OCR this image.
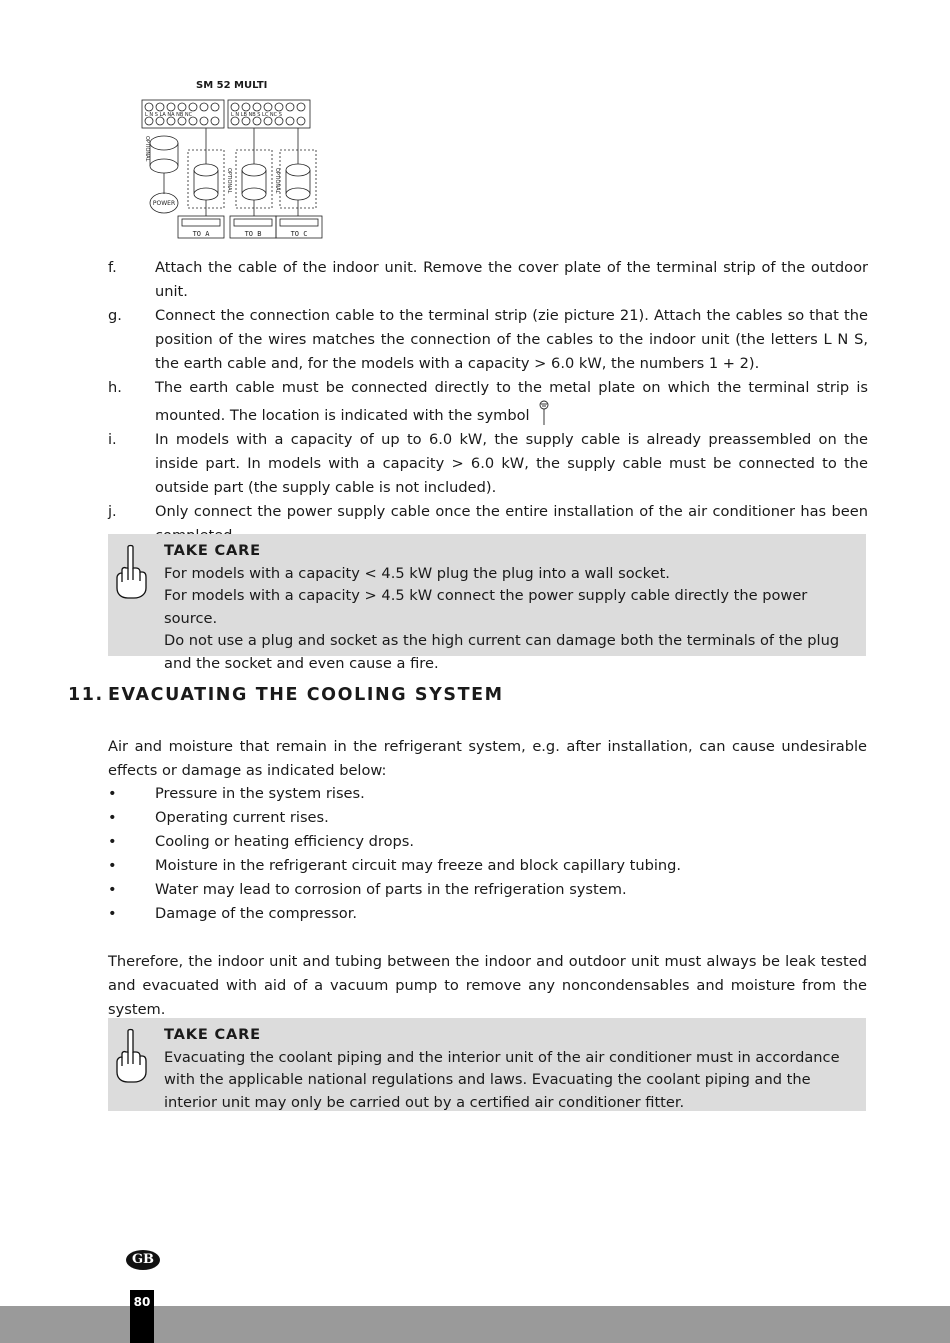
SM 52 MULTI
L N S LA NA NB NC	L N LB NB S LC NC S
POWER
OPTIONAL
OPTIONAL	OPTIONAL
TO A	TO B	TO C
f.	Attach the cable of the indoor unit. Remove the cover plate of the terminal strip of the outdoor unit.
g.	Connect the connection cable to the terminal strip (zie picture 21). Attach the cables so that the position of the wires matches the connection of the cables to the indoor unit (the letters L N S, the earth cable and, for the models with a capacity > 6.0 kW, the numbers 1 + 2).
h.	The earth cable must be connected directly to the metal plate on which the terminal strip is mounted. The location is indicated with the symbol
i.	In models with a capacity of up to 6.0 kW, the supply cable is already preassembled on the inside part. In models with a capacity > 6.0 kW, the supply cable must be connected to the outside part (the supply cable is not included).
j.	Only connect the power supply cable once the entire installation of the air conditioner has been
TAKE CARE
For models with a capacity < 4.5 kW plug the plug into a wall socket.
For models with a capacity > 4.5 kW connect the power supply cable directly the power source.
Do not use a plug and socket as the high current can damage both the terminals of the plug and the socket and even cause a fire.
11. EVACUATING THE COOLING SYSTEM
Air and moisture that remain in the refrigerant system, e.g. after installation, can cause undesirable effects or damage as indicated below:
•	Pressure in the system rises.
•	Operating current rises.
•	Cooling or heating efficiency drops.
•	Moisture in the refrigerant circuit may freeze and block capillary tubing.
•	Water may lead to corrosion of parts in the refrigeration system.
•	Damage of the compressor.
Therefore, the indoor unit and tubing between the indoor and outdoor unit must always be leak tested and evacuated with aid of a vacuum pump to remove any noncondensables and moisture from the system.
TAKE CARE
Evacuating the coolant piping and the interior unit of the air conditioner must in accordance with the applicable national regulations and laws. Evacuating the coolant piping and the interior unit may only be carried out by a certified air conditioner fitter.
GB
80
